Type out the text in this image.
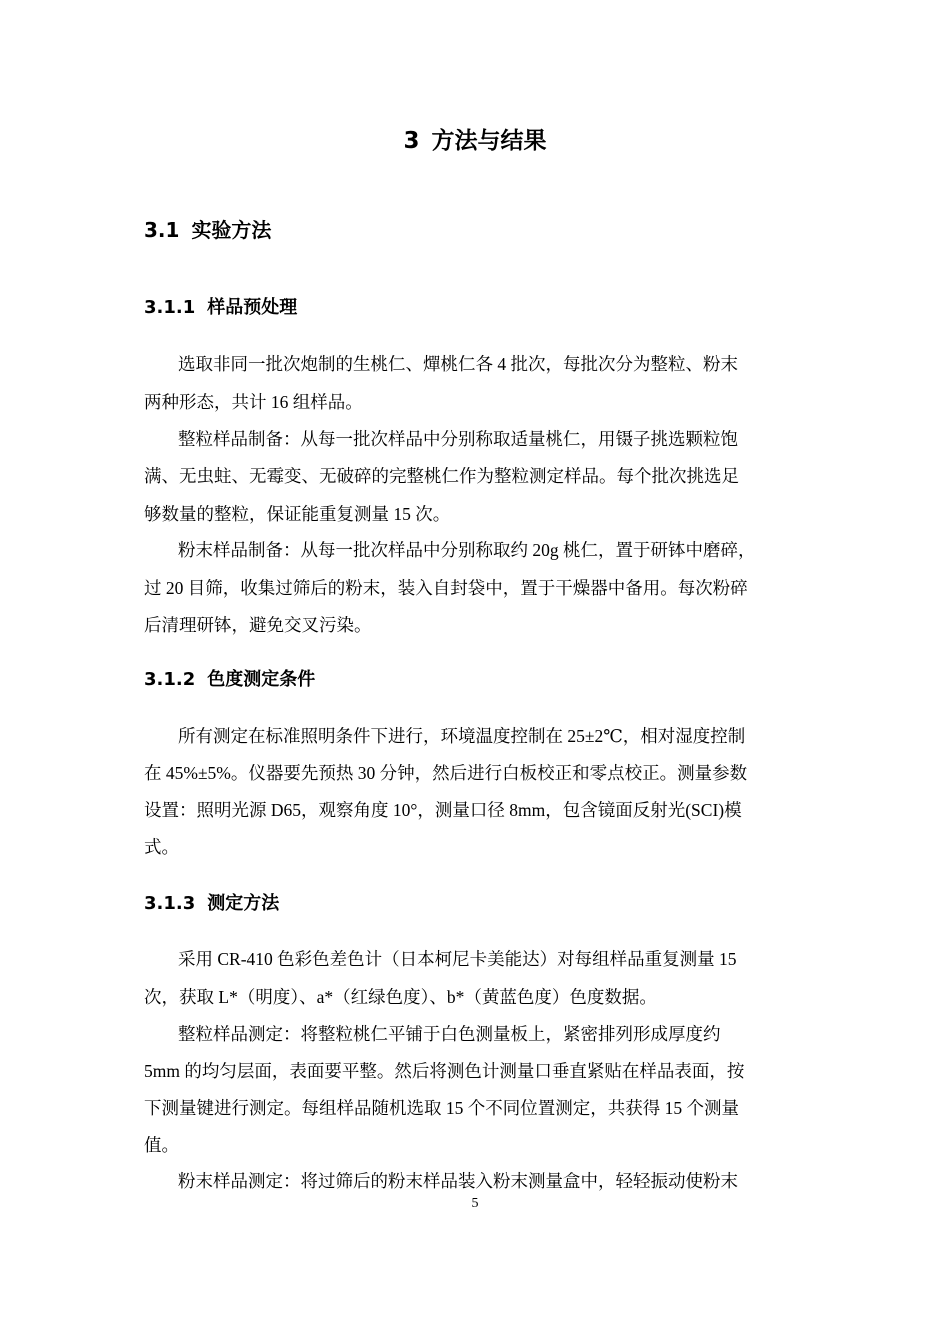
3 方法与结果
3.1 实验方法
3.1.1 样品预处理

选取非同一批次炮制的生桃仁、燀桃仁各 4 批次，每批次分为整粒、粉末

两种形态，共计 16 组样品。

整粒样品制备：从每一批次样品中分别称取适量桃仁，用镊子挑选颗粒饱

满、无虫蛀、无霉变、无破碎的完整桃仁作为整粒测定样品。每个批次挑选足

够数量的整粒，保证能重复测量 15 次。

粉末样品制备：从每一批次样品中分别称取约 20g 桃仁，置于研钵中磨碎，

过 20 目筛，收集过筛后的粉末，装入自封袋中，置于干燥器中备用。每次粉碎

后清理研钵，避免交叉污染。

3.1.2 色度测定条件

所有测定在标准照明条件下进行，环境温度控制在 25±2℃，相对湿度控制

在 45%±5%。仪器要先预热 30 分钟，然后进行白板校正和零点校正。测量参数

设置：照明光源 D65，观察角度 10°，测量口径 8mm，包含镜面反射光(SCI)模

式。

3.1.3 测定方法

采用 CR-410 色彩色差色计（日本柯尼卡美能达）对每组样品重复测量 15

次，获取 L*（明度）、a*（红绿色度）、b*（黄蓝色度）色度数据。

整粒样品测定：将整粒桃仁平铺于白色测量板上，紧密排列形成厚度约

5mm 的均匀层面，表面要平整。然后将测色计测量口垂直紧贴在样品表面，按

下测量键进行测定。每组样品随机选取 15 个不同位置测定，共获得 15 个测量

值。

粉末样品测定：将过筛后的粉末样品装入粉末测量盒中，轻轻振动使粉末

5
